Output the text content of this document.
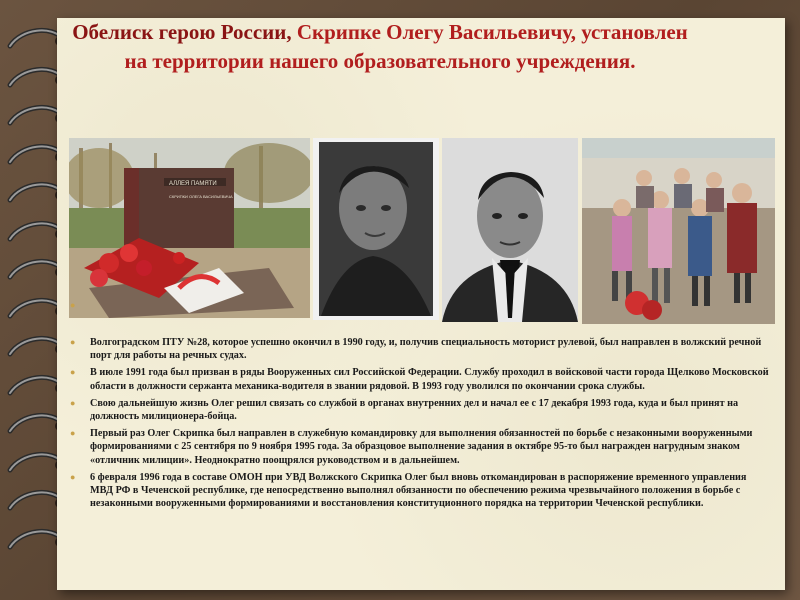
Обелиск герою России, Скрипке Олегу Васильевичу, установлен на территории нашего образовательного учреждения.
АЛЛЕЯ ПАМЯТИ
СКРИПКИ ОЛЕГА ВАСИЛЬЕВИЧА
●
● Волгоградском ПТУ №28, которое успешно окончил в 1990 году, и, получив специальность моторист рулевой, был направлен в волжский речной порт для работы на речных судах.
● В июле 1991 года был призван в ряды Вооруженных сил Российской Федерации. Службу проходил в войсковой части города Щелково Московской области в должности сержанта механика-водителя в звании рядовой. В 1993 году уволился по окончании срока службы.
● Свою дальнейшую жизнь Олег решил связать со службой в органах внутренних дел и начал ее с 17 декабря 1993 года, куда и был принят на должность милиционера-бойца.
● Первый раз Олег Скрипка был направлен в служебную командировку для выполнения обязанностей по борьбе с незаконными вооруженными формированиями с 25 сентября по 9 ноября 1995 года. За образцовое выполнение задания в октябре 95-то был награжден нагрудным знаком «отличник милиции». Неоднократно поощрялся руководством и в дальнейшем.
● 6 февраля 1996 года в составе ОМОН при УВД Волжского Скрипка Олег был вновь откомандирован в распоряжение временного управления МВД РФ в Чеченской республике, где непосредственно выполнял обязанности по обеспечению режима чрезвычайного положения в борьбе с незаконными вооруженными формированиями и восстановления конституционного порядка на территории Чеченской республики.
